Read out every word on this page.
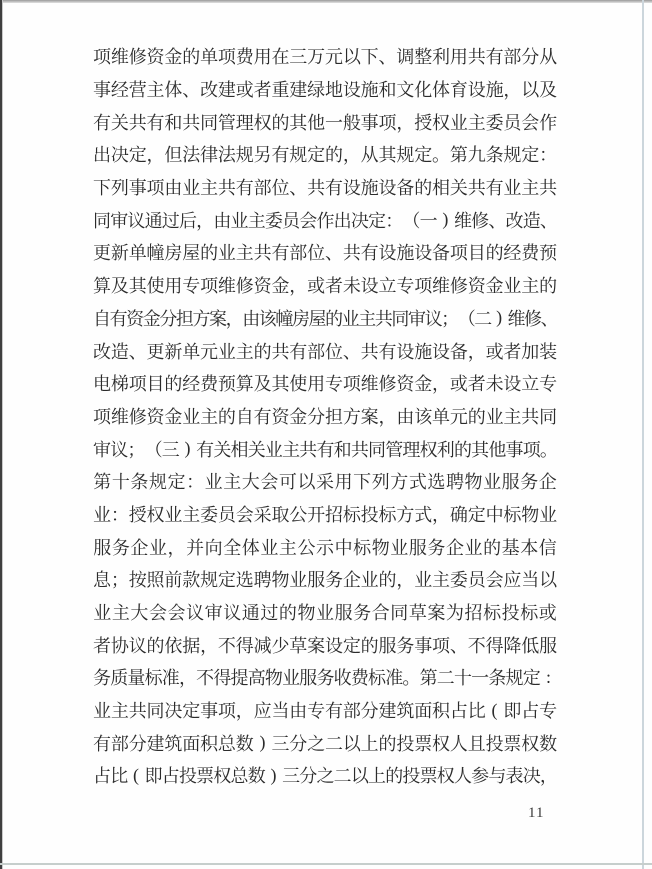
项 维 修 资 金 的 单 项 费 用 在 三 万 元 以 下 、 调 整 利 用 共 有 部 分 从
事 经 营 主 体 、 改 建 或 者 重 建 绿 地 设 施 和 文 化 体 育 设 施 ， 以 及
有 关 共 有 和 共 同 管 理 权 的 其 他 一 般 事 项 ， 授 权 业 主 委 员 会 作
出 决 定 ， 但 法 律 法 规 另 有 规 定 的 ， 从 其 规 定 。 第 九 条 规 定 ：
下 列 事 项 由 业 主 共 有 部 位 、 共 有 设 施 设 备 的 相 关 共 有 业 主 共
同 审 议 通 过 后 ， 由 业 主 委 员 会 作 出 决 定 ： （ 一 ) 维 修 、 改 造 、
更 新 单 幢 房 屋 的 业 主 共 有 部 位 、 共 有 设 施 设 备 项 目 的 经 费 预
算 及 其 使 用 专 项 维 修 资 金 ， 或 者 未 设 立 专 项 维 修 资 金 业 主 的
自
有
资
金
分
担
方
案
，
由
该
幢
房
屋
的
业
主
共
同
审
议
；
（
二 ) 维
修
、
改 造 、 更 新 单 元 业 主 的 共 有 部 位 、 共 有 设 施 设 备 ， 或 者 加 装
电 梯 项 目 的 经 费 预 算 及 其 使 用 专 项 维 修 资 金 ， 或 者 未 设 立 专
项 维 修 资 金 业 主 的 自 有 资 金 分 担 方 案 ， 由 该 单 元 的 业 主 共 同
审 议 ； （ 三 ) 有 关 相 关 业 主 共 有 和 共 同 管 理 权 利 的 其 他 事 项 。
第 十 条 规 定 ： 业 主 大 会 可 以 采 用 下 列 方 式 选 聘 物 业 服 务 企
业 ： 授 权 业 主 委 员 会 采 取 公 开 招 标 投 标 方 式 ， 确 定 中 标 物 业
服 务 企 业 ， 并 向 全 体 业 主 公 示 中 标 物 业 服 务 企 业 的 基 本 信
息 ； 按 照 前 款 规 定 选 聘 物 业 服 务 企 业 的 ， 业 主 委 员 会 应 当 以
业 主 大 会 会 议 审 议 通 过 的 物 业 服 务 合 同 草 案 为 招 标 投 标 或
者 协 议 的 依 据 ， 不 得 减 少 草 案 设 定 的 服 务 事 项 、 不 得 降 低 服
务 质 量 标 准 ， 不 得 提 高 物 业 服 务 收 费 标 准 。 第 二 十 一 条 规 定 :
业 主 共 同 决 定 事 项 ， 应 当 由 专 有 部 分 建 筑 面 积 占 比 ( 即 占 专
有 部 分 建 筑 面 积 总 数 ) 三 分 之 二 以 上 的 投 票 权 人 且 投 票 权 数
占 比 ( 即 占 投 票 权 总 数 ) 三 分 之 二 以 上 的 投 票 权 人 参 与 表 决 ，
11
